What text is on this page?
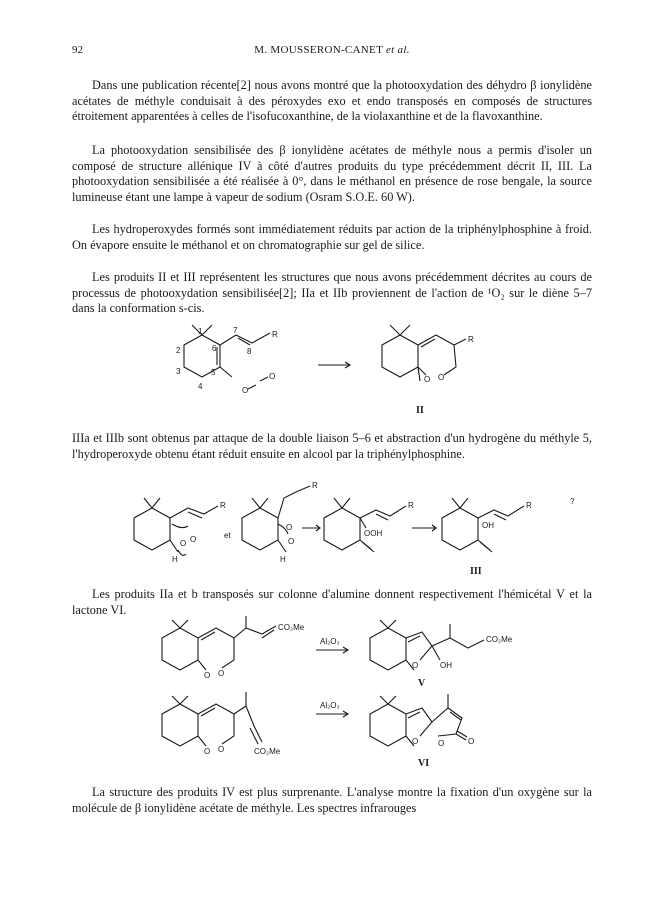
92	M. MOUSSERON-CANET et al.

Dans une publication récente[2] nous avons montré que la photooxydation des déhydro β ionylidène acétates de méthyle conduisait à des péroxydes exo et endo transposés en composés de structures étroitement apparentées à celles de l'isofucoxanthine, de la violaxanthine et de la flavoxanthine.

La photooxydation sensibilisée des β ionylidène acétates de méthyle nous a permis d'isoler un composé de structure allénique IV à côté d'autres produits du type précédemment décrit II, III. La photooxydation sensibilisée a été réalisée à 0°, dans le méthanol en présence de rose bengale, la source lumineuse étant une lampe à vapeur de sodium (Osram S.O.E. 60 W).

Les hydroperoxydes formés sont immédiatement réduits par action de la triphénylphosphine à froid. On évapore ensuite le méthanol et on chromatographie sur gel de silice.

Les produits II et III représentent les structures que nous avons précédemment décrites au cours de processus de photooxydation sensibilisée[2]; IIa et IIb proviennent de l'action de ¹O₂ sur le diène 5–7 dans la conformation s-cis.

1
2
3
4
5
6
7
8
R
O
O	O O
R
II

IIIa et IIIb sont obtenus par attaque de la double liaison 5–6 et abstraction d'un hydrogène du méthyle 5, l'hydroperoxyde obtenu étant réduit ensuite en alcool par la triphénylphosphine.

O O
H
R
et
O
O
H
R
OOH
R
OH
R
III
?

Les produits IIa et b transposés sur colonne d'alumine donnent respectivement l'hémicétal V et la lactone VI.

O O
CO₂Me
Al₂O₃
O	OH
CO₂Me
V
O O	CO₂Me
Al₂O₃
O O	O
VI

La structure des produits IV est plus surprenante. L'analyse montre la fixation d'un oxygène sur la molécule de β ionylidène acétate de méthyle. Les spectres infrarouges
